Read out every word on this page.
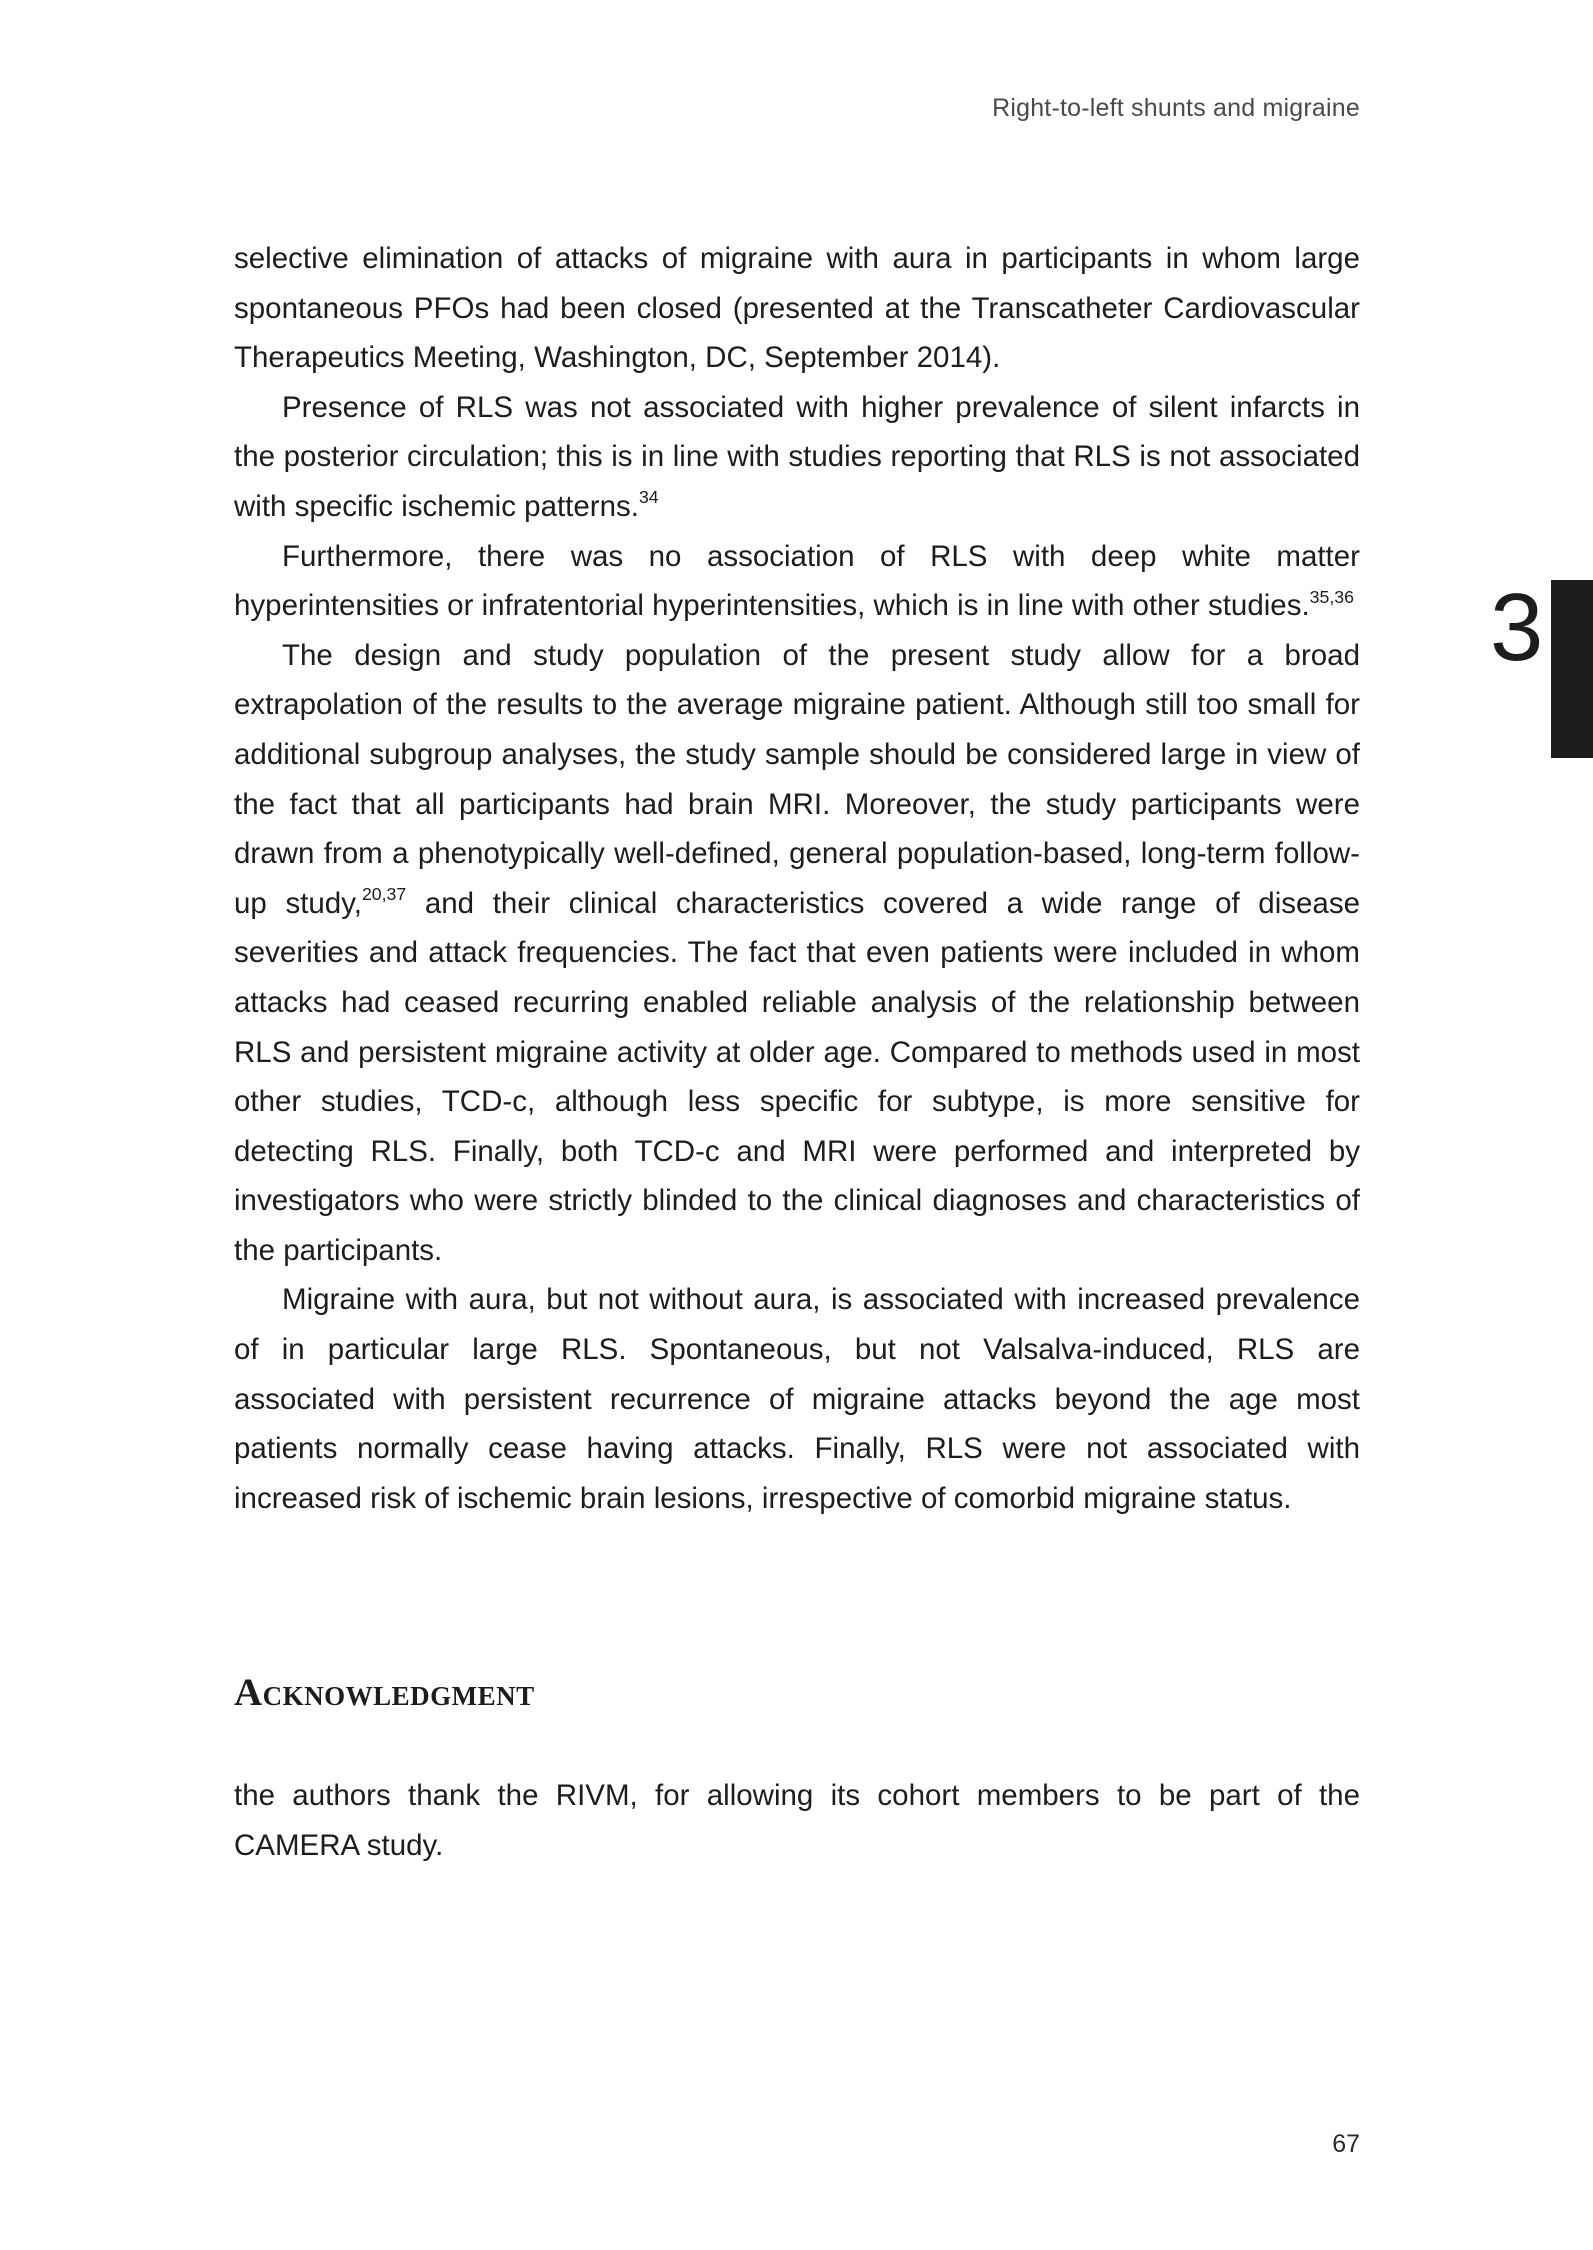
Right-to-left shunts and migraine
3

selective elimination of attacks of migraine with aura in participants in whom large spontaneous PFOs had been closed (presented at the Transcatheter Cardiovascular Therapeutics Meeting, Washington, DC, September 2014).

Presence of RLS was not associated with higher prevalence of silent infarcts in the posterior circulation; this is in line with studies reporting that RLS is not associated with specific ischemic patterns.$^{34}$

Furthermore, there was no association of RLS with deep white matter hyperintensities or infratentorial hyperintensities, which is in line with other studies.$^{35,36}$

The design and study population of the present study allow for a broad extrapolation of the results to the average migraine patient. Although still too small for additional subgroup analyses, the study sample should be considered large in view of the fact that all participants had brain MRI. Moreover, the study participants were drawn from a phenotypically well-defined, general population-based, long-term follow-up study,$^{20,37}$ and their clinical characteristics covered a wide range of disease severities and attack frequencies. The fact that even patients were included in whom attacks had ceased recurring enabled reliable analysis of the relationship between RLS and persistent migraine activity at older age. Compared to methods used in most other studies, TCD-c, although less specific for subtype, is more sensitive for detecting RLS. Finally, both TCD-c and MRI were performed and interpreted by investigators who were strictly blinded to the clinical diagnoses and characteristics of the participants.

Migraine with aura, but not without aura, is associated with increased prevalence of in particular large RLS. Spontaneous, but not Valsalva-induced, RLS are associated with persistent recurrence of migraine attacks beyond the age most patients normally cease having attacks. Finally, RLS were not associated with increased risk of ischemic brain lesions, irrespective of comorbid migraine status.

Acknowledgment

the authors thank the RIVM, for allowing its cohort members to be part of the CAMERA study.

67
